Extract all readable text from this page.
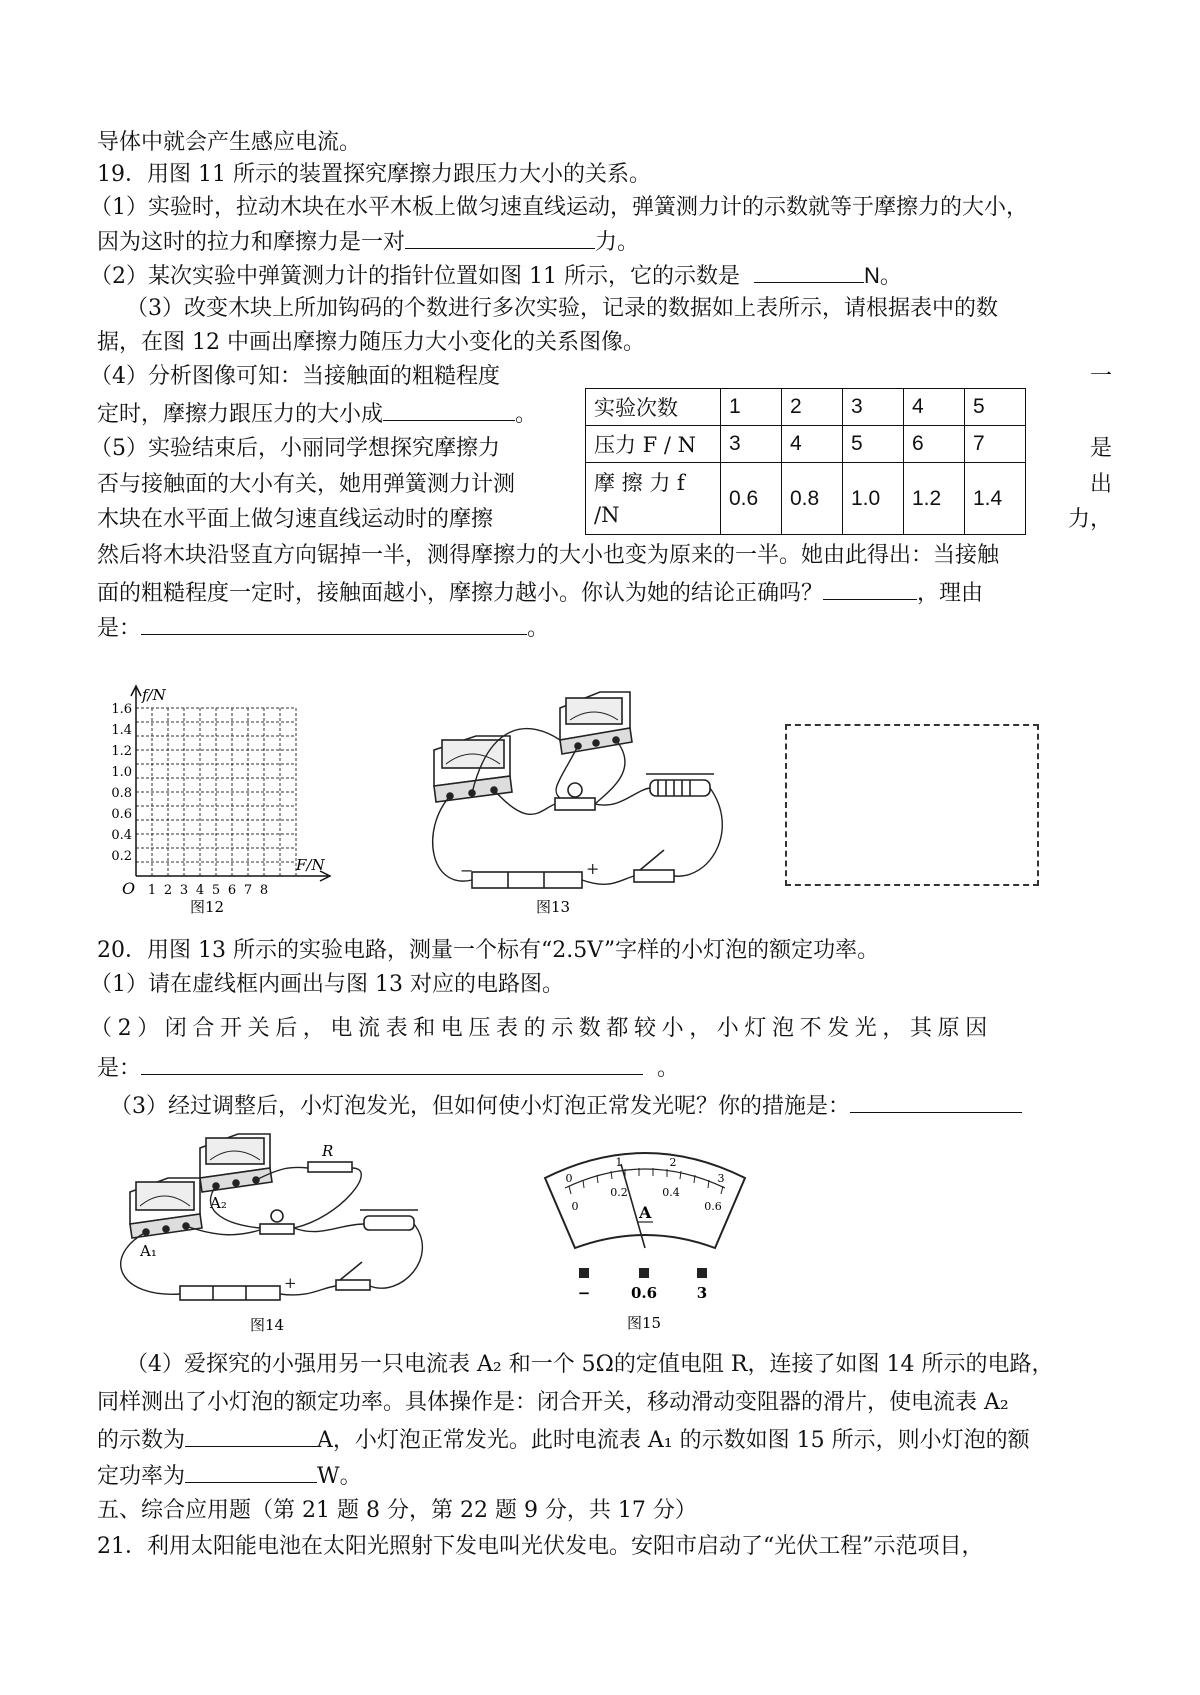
导体中就会产生感应电流。
19．用图 11 所示的装置探究摩擦力跟压力大小的关系。
（1）实验时，拉动木块在水平木板上做匀速直线运动，弹簧测力计的示数就等于摩擦力的大小，
因为这时的拉力和摩擦力是一对	力。
（2）某次实验中弹簧测力计的指针位置如图 11 所示，它的示数是	N。
（3）改变木块上所加钩码的个数进行多次实验，记录的数据如上表所示，请根据表中的数
据，在图 12 中画出摩擦力随压力大小变化的关系图像。
（4）分析图像可知：当接触面的粗糙程度	一
定时，摩擦力跟压力的大小成	。
（5）实验结束后，小丽同学想探究摩擦力	是
否与接触面的大小有关，她用弹簧测力计测	出
木块在水平面上做匀速直线运动时的摩擦	力，
然后将木块沿竖直方向锯掉一半，测得摩擦力的大小也变为原来的一半。她由此得出：当接触
面的粗糙程度一定时，接触面越小，摩擦力越小。你认为她的结论正确吗？	，理由
是：	。
实验次数	1	2	3	4	5
压力 F / N	3	4	5	6	7
摩 擦 力 f /N	0.6	0.8	1.0	1.2	1.4
f/N
F/N
O
1.6
1.4
1.2
1.0
0.8
0.6
0.4
0.2
1 2 3 4 5 6 7 8
图12
−	+
图13
20．用图 13 所示的实验电路，测量一个标有“2.5V”字样的小灯泡的额定功率。
（1）请在虚线框内画出与图 13 对应的电路图。
（2）闭合开关后，电流表和电压表的示数都较小，小灯泡不发光，其原因
是：	。
（3）经过调整后，小灯泡发光，但如何使小灯泡正常发光呢？你的措施是：
A₂
R
A₁
+
图14
0
1	2
3
0
0.2	0.4
0.6
A
−	0.6	3
图15
（4）爱探究的小强用另一只电流表 A₂ 和一个 5Ω的定值电阻 R，连接了如图 14 所示的电路，
同样测出了小灯泡的额定功率。具体操作是：闭合开关，移动滑动变阻器的滑片，使电流表 A₂
的示数为	A，小灯泡正常发光。此时电流表 A₁ 的示数如图 15 所示，则小灯泡的额
定功率为	W。
五、综合应用题（第 21 题 8 分，第 22 题 9 分，共 17 分）
21．利用太阳能电池在太阳光照射下发电叫光伏发电。安阳市启动了“光伏工程”示范项目，
